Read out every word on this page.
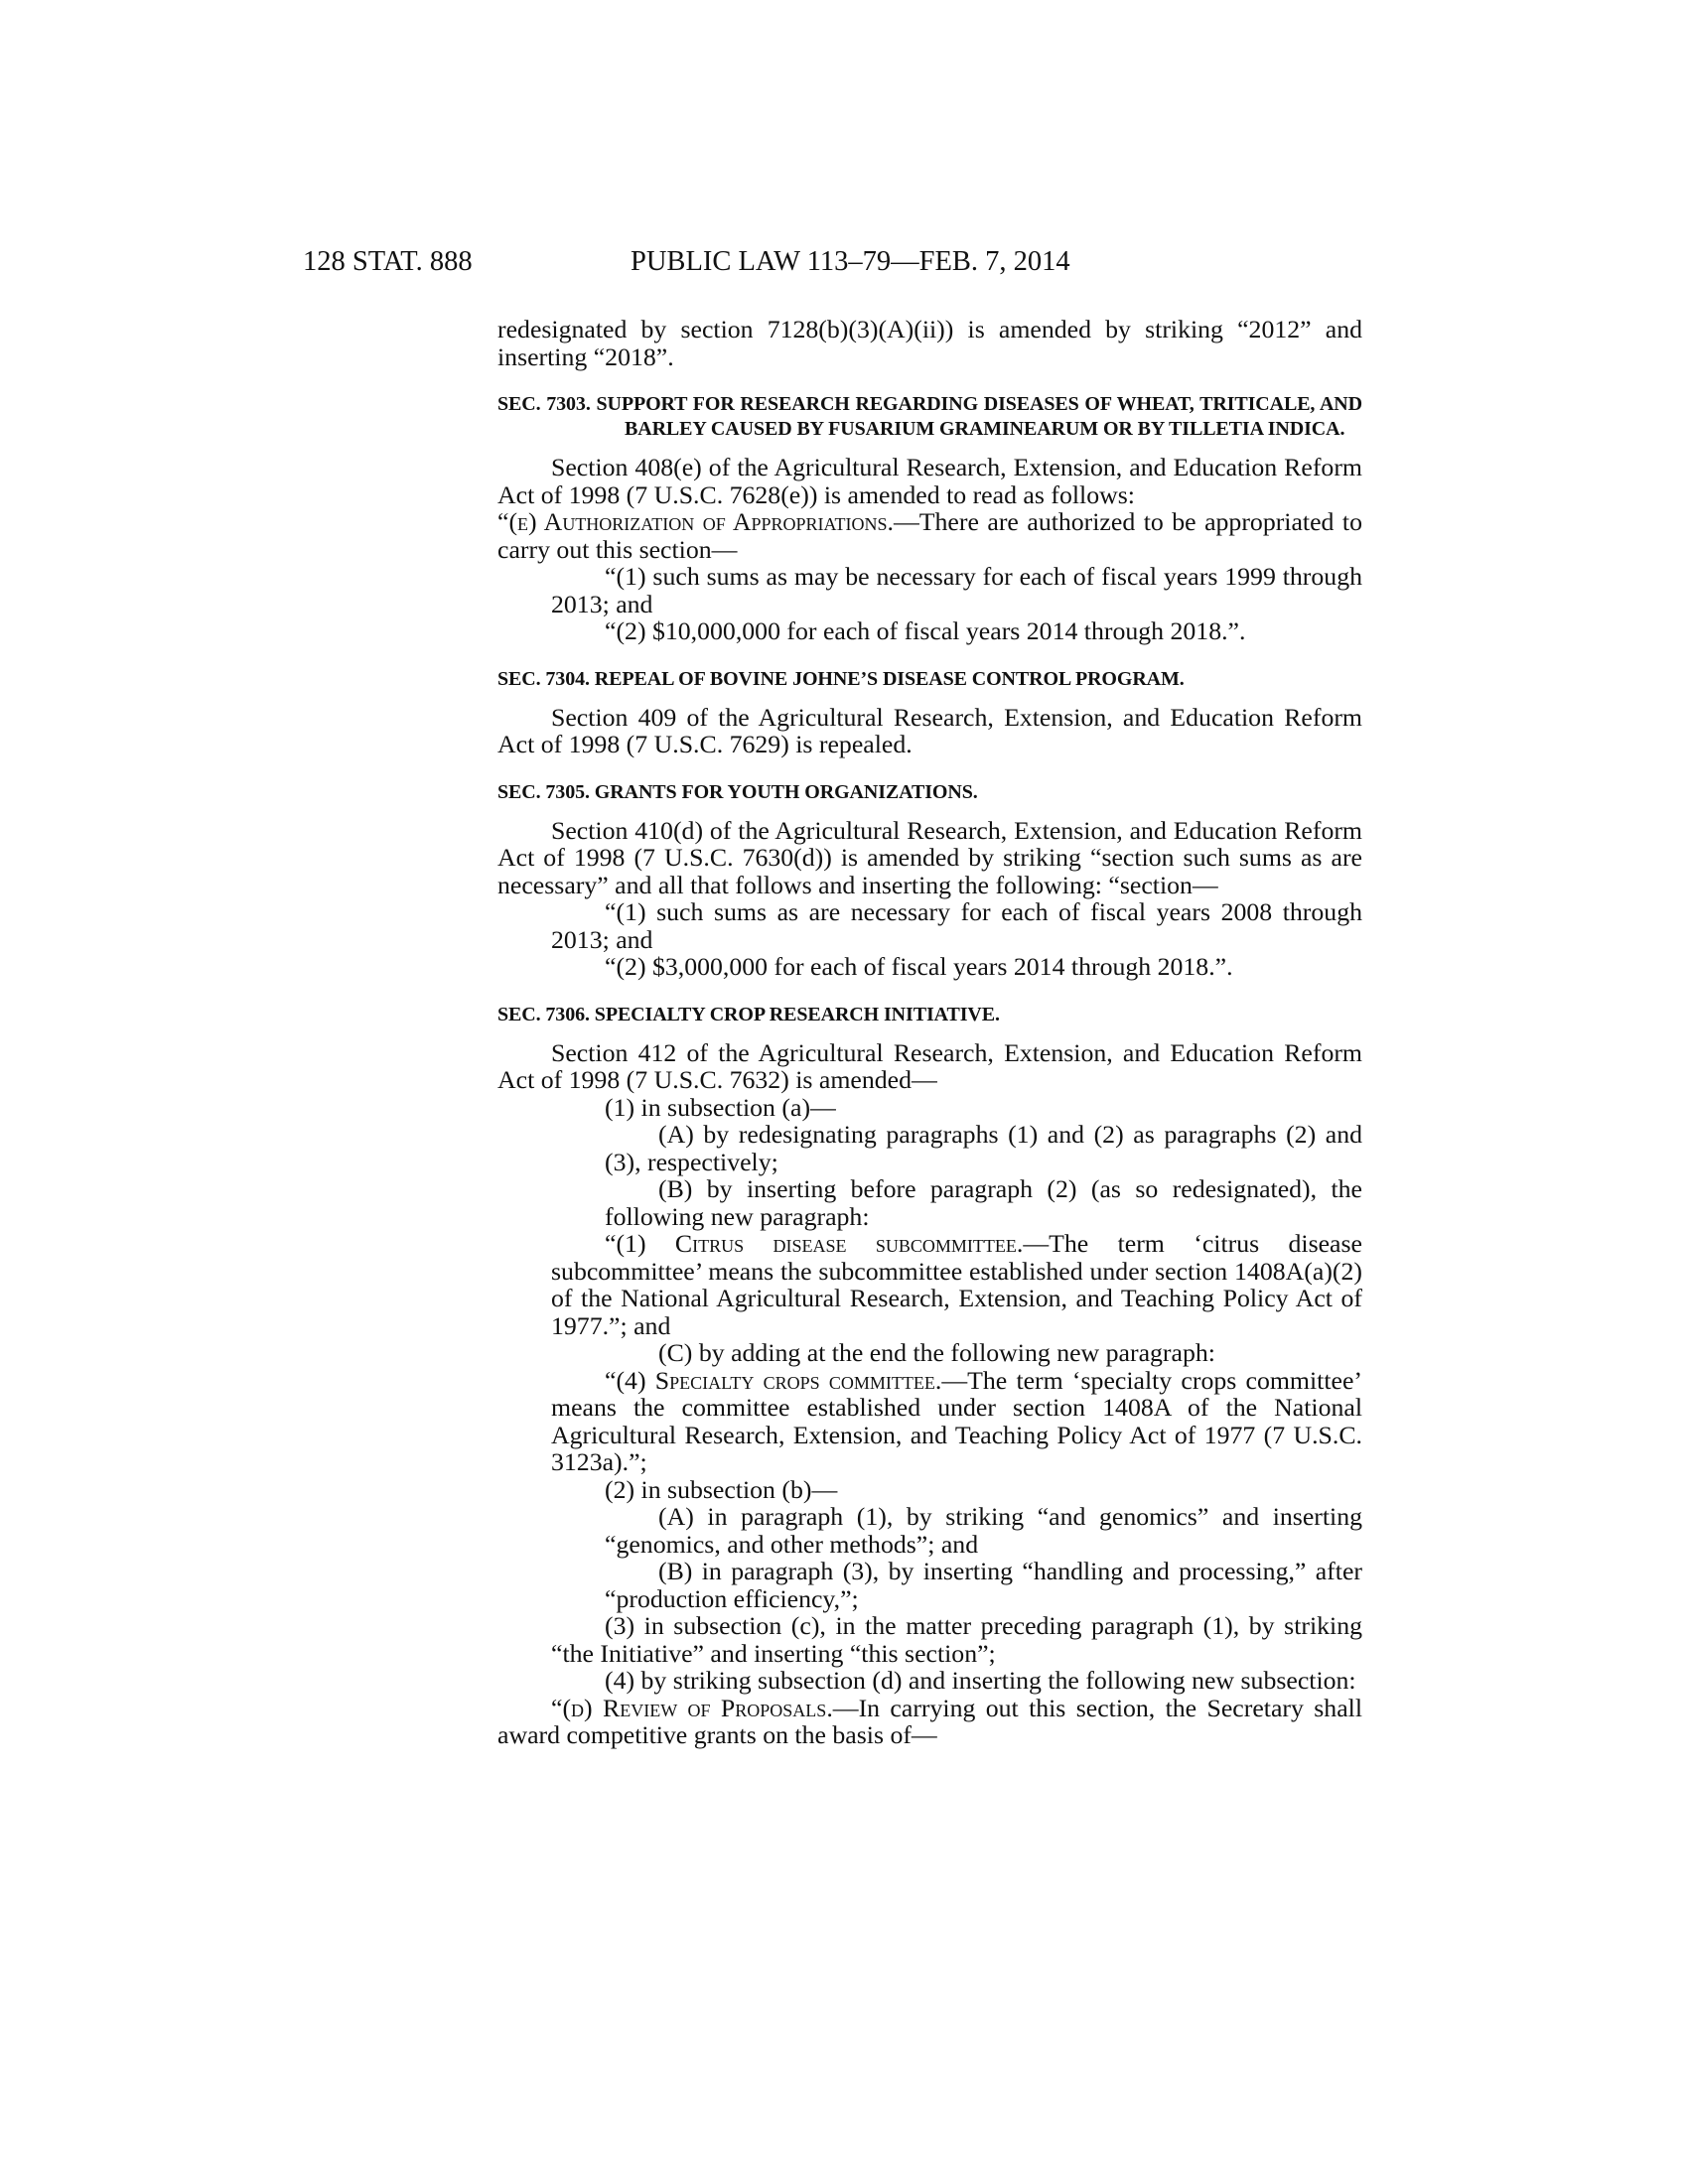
128 STAT. 888	PUBLIC LAW 113–79—FEB. 7, 2014

redesignated by section 7128(b)(3)(A)(ii)) is amended by striking “2012” and inserting “2018”.

SEC. 7303. SUPPORT FOR RESEARCH REGARDING DISEASES OF WHEAT, TRITICALE, AND BARLEY CAUSED BY FUSARIUM GRAMINEARUM OR BY TILLETIA INDICA.

Section 408(e) of the Agricultural Research, Extension, and Education Reform Act of 1998 (7 U.S.C. 7628(e)) is amended to read as follows:

“(e) Authorization of Appropriations.—There are authorized to be appropriated to carry out this section—

“(1) such sums as may be necessary for each of fiscal years 1999 through 2013; and

“(2) $10,000,000 for each of fiscal years 2014 through 2018.”.

SEC. 7304. REPEAL OF BOVINE JOHNE’S DISEASE CONTROL PROGRAM.

Section 409 of the Agricultural Research, Extension, and Education Reform Act of 1998 (7 U.S.C. 7629) is repealed.

SEC. 7305. GRANTS FOR YOUTH ORGANIZATIONS.

Section 410(d) of the Agricultural Research, Extension, and Education Reform Act of 1998 (7 U.S.C. 7630(d)) is amended by striking “section such sums as are necessary” and all that follows and inserting the following: “section—

“(1) such sums as are necessary for each of fiscal years 2008 through 2013; and

“(2) $3,000,000 for each of fiscal years 2014 through 2018.”.

SEC. 7306. SPECIALTY CROP RESEARCH INITIATIVE.

Section 412 of the Agricultural Research, Extension, and Education Reform Act of 1998 (7 U.S.C. 7632) is amended—

(1) in subsection (a)—

(A) by redesignating paragraphs (1) and (2) as paragraphs (2) and (3), respectively;

(B) by inserting before paragraph (2) (as so redesignated), the following new paragraph:

“(1) Citrus disease subcommittee.—The term ‘citrus disease subcommittee’ means the subcommittee established under section 1408A(a)(2) of the National Agricultural Research, Extension, and Teaching Policy Act of 1977.”; and

(C) by adding at the end the following new paragraph:

“(4) Specialty crops committee.—The term ‘specialty crops committee’ means the committee established under section 1408A of the National Agricultural Research, Extension, and Teaching Policy Act of 1977 (7 U.S.C. 3123a).”;

(2) in subsection (b)—

(A) in paragraph (1), by striking “and genomics” and inserting “genomics, and other methods”; and

(B) in paragraph (3), by inserting “handling and processing,” after “production efficiency,”;

(3) in subsection (c), in the matter preceding paragraph (1), by striking “the Initiative” and inserting “this section”;

(4) by striking subsection (d) and inserting the following new subsection:

“(d) Review of Proposals.—In carrying out this section, the Secretary shall award competitive grants on the basis of—
